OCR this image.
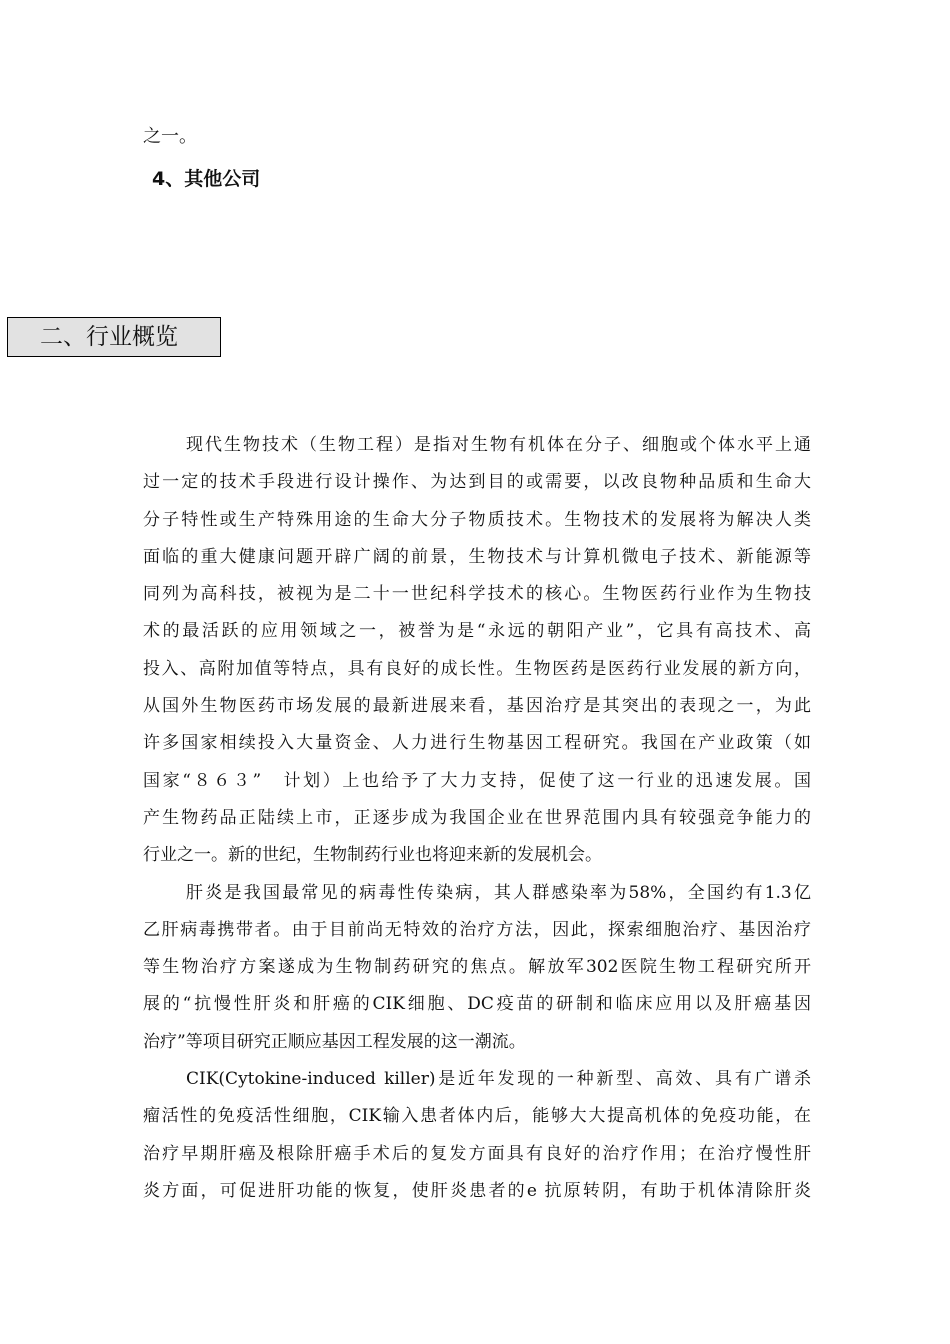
之一。
4、其他公司
二、行业概览
现代生物技术（生物工程）是指对生物有机体在分子、细胞或个体水平上通
过一定的技术手段进行设计操作、为达到目的或需要，以改良物种品质和生命大
分子特性或生产特殊用途的生命大分子物质技术。生物技术的发展将为解决人类
面临的重大健康问题开辟广阔的前景，生物技术与计算机微电子技术、新能源等
同列为高科技，被视为是二十一世纪科学技术的核心。生物医药行业作为生物技
术的最活跃的应用领域之一，被誉为是“永远的朝阳产业”，它具有高技术、高
投入、高附加值等特点，具有良好的成长性。生物医药是医药行业发展的新方向，
从国外生物医药市场发展的最新进展来看，基因治疗是其突出的表现之一，为此
许多国家相续投入大量资金、人力进行生物基因工程研究。我国在产业政策（如
国家“８６３”　计划）上也给予了大力支持，促使了这一行业的迅速发展。国
产生物药品正陆续上市，正逐步成为我国企业在世界范围内具有较强竞争能力的
行业之一。新的世纪，生物制药行业也将迎来新的发展机会。
肝炎是我国最常见的病毒性传染病，其人群感染率为58%，全国约有1.3亿
乙肝病毒携带者。由于目前尚无特效的治疗方法，因此，探索细胞治疗、基因治疗
等生物治疗方案遂成为生物制药研究的焦点。解放军302医院生物工程研究所开
展的“抗慢性肝炎和肝癌的CIK细胞、DC疫苗的研制和临床应用以及肝癌基因
治疗”等项目研究正顺应基因工程发展的这一潮流。
CIK(Cytokine-induced killer)是近年发现的一种新型、高效、具有广谱杀
瘤活性的免疫活性细胞，CIK输入患者体内后，能够大大提高机体的免疫功能，在
治疗早期肝癌及根除肝癌手术后的复发方面具有良好的治疗作用；在治疗慢性肝
炎方面，可促进肝功能的恢复，使肝炎患者的e 抗原转阴，有助于机体清除肝炎
